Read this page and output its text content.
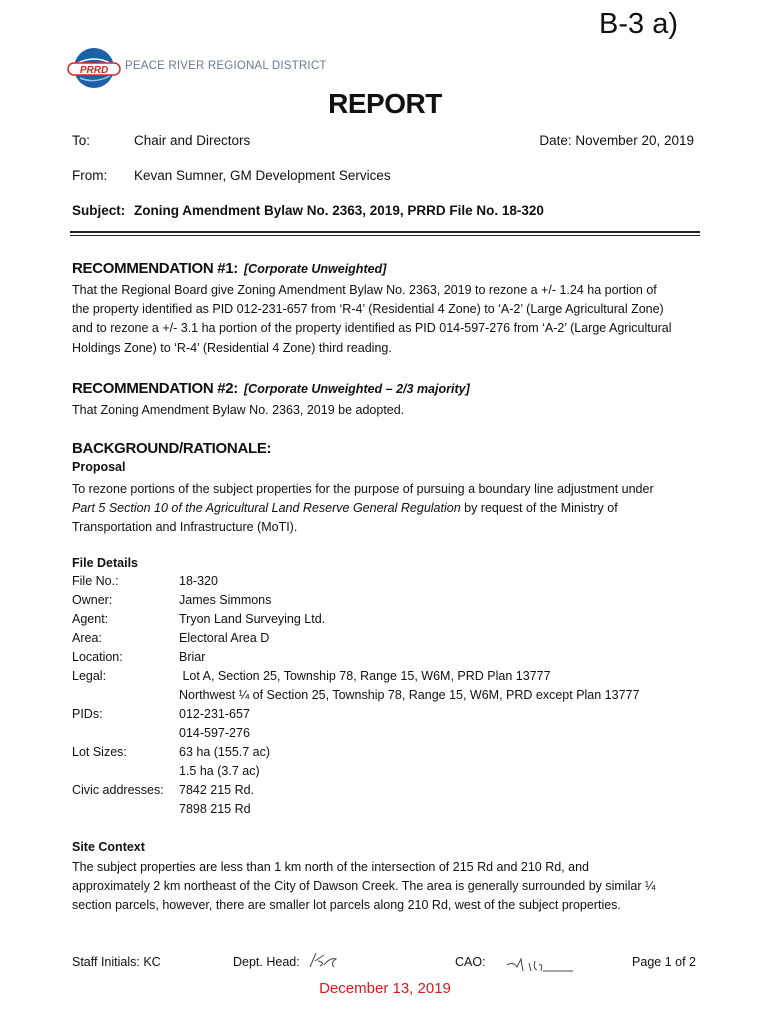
B-3 a)
PRRD PEACE RIVER REGIONAL DISTRICT
REPORT
To:	Chair and Directors	Date: November 20, 2019
From: Kevan Sumner, GM Development Services
Subject: Zoning Amendment Bylaw No. 2363, 2019, PRRD File No. 18-320
RECOMMENDATION #1: [Corporate Unweighted]
That the Regional Board give Zoning Amendment Bylaw No. 2363, 2019 to rezone a +/- 1.24 ha portion of
the property identified as PID 012-231-657 from ‘R-4’ (Residential 4 Zone) to ‘A-2’ (Large Agricultural Zone)
and to rezone a +/- 3.1 ha portion of the property identified as PID 014-597-276 from ‘A-2’ (Large Agricultural
Holdings Zone) to ‘R-4’ (Residential 4 Zone) third reading.
RECOMMENDATION #2: [Corporate Unweighted – 2/3 majority]
That Zoning Amendment Bylaw No. 2363, 2019 be adopted.
BACKGROUND/RATIONALE:
Proposal
To rezone portions of the subject properties for the purpose of pursuing a boundary line adjustment under
Part 5 Section 10 of the Agricultural Land Reserve General Regulation by request of the Ministry of
Transportation and Infrastructure (MoTI).
File Details
File No.:	18-320
Owner:	James Simmons
Agent:	Tryon Land Surveying Ltd.
Area:	Electoral Area D
Location:	Briar
Legal:	Lot A, Section 25, Township 78, Range 15, W6M, PRD Plan 13777
Northwest ¼ of Section 25, Township 78, Range 15, W6M, PRD except Plan 13777
PIDs:	012-231-657
014-597-276
Lot Sizes:	63 ha (155.7 ac)
1.5 ha (3.7 ac)
Civic addresses: 7842 215 Rd.
7898 215 Rd
Site Context
The subject properties are less than 1 km north of the intersection of 215 Rd and 210 Rd, and
approximately 2 km northeast of the City of Dawson Creek. The area is generally surrounded by similar ¼
section parcels, however, there are smaller lot parcels along 210 Rd, west of the subject properties.
Staff Initials: KC	Dept. Head:	CAO:	Page 1 of 2
December 13, 2019
